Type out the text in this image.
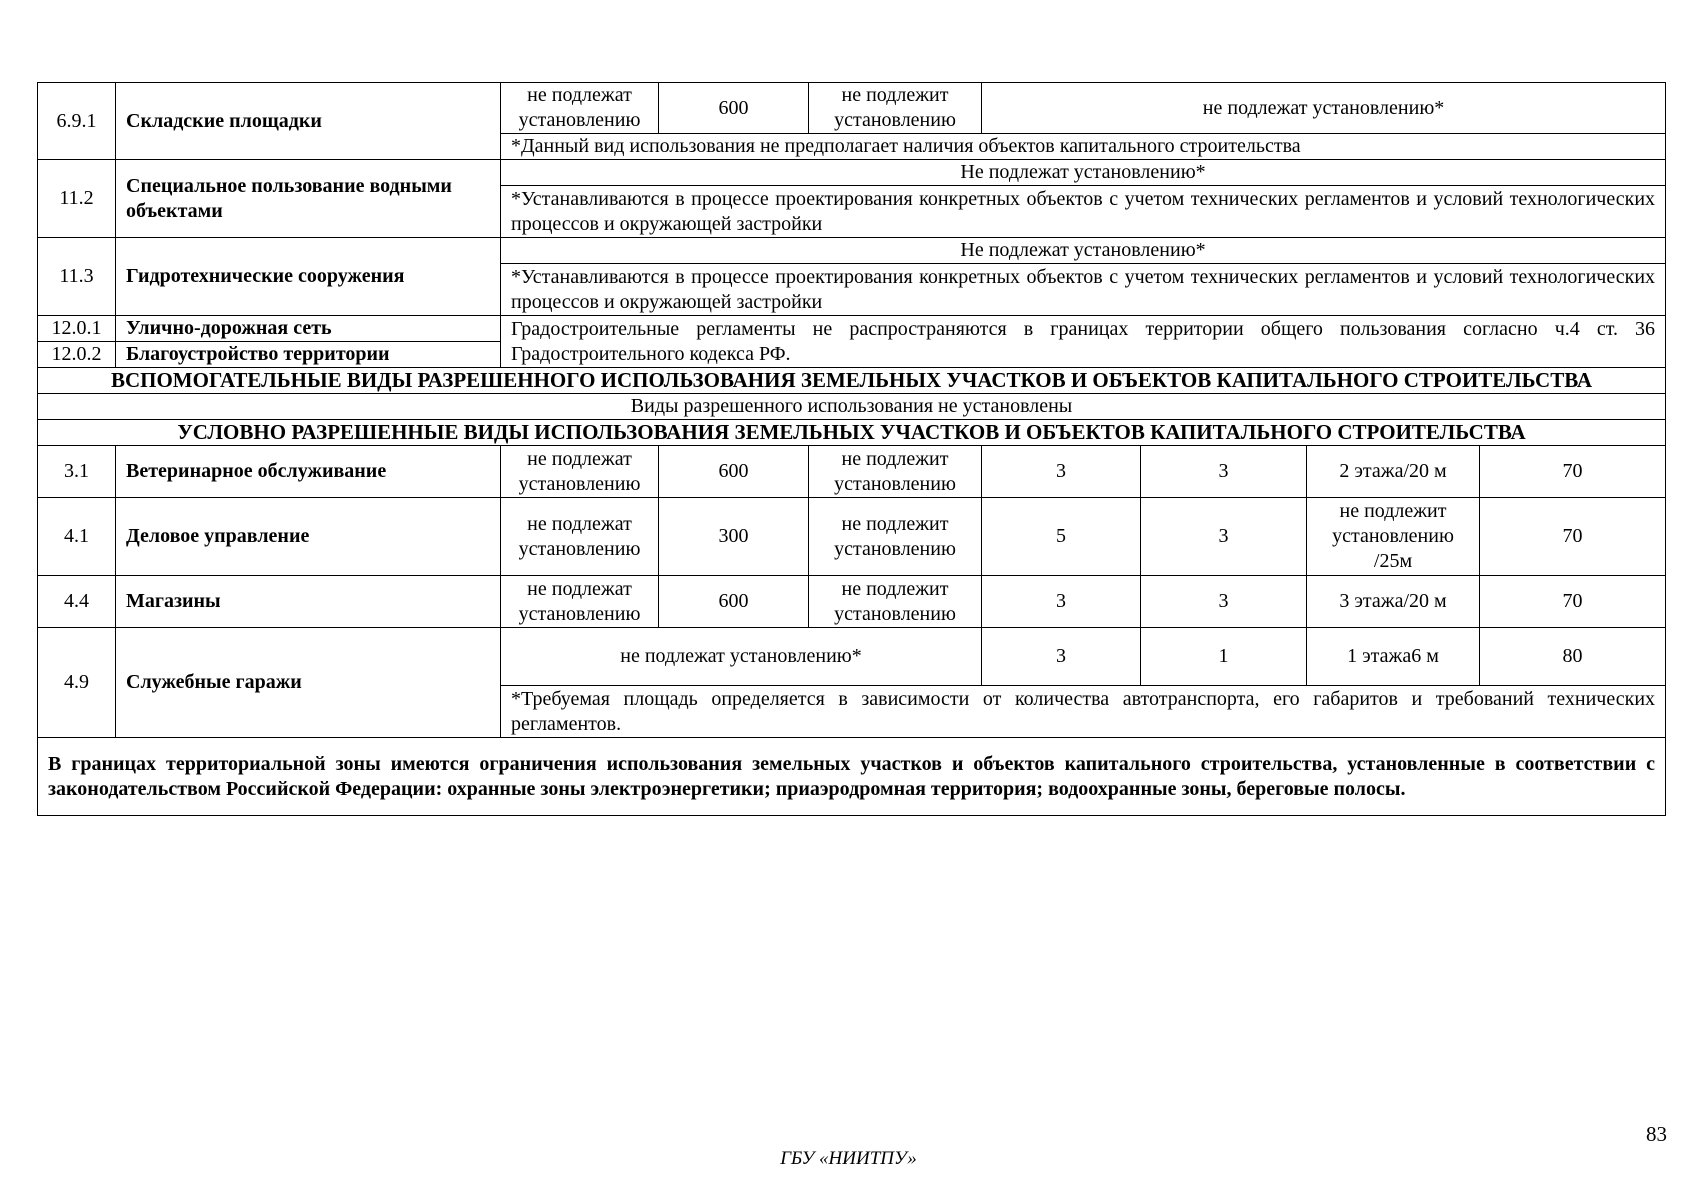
6.9.1	Складские площадки	не подлежат установлению	600	не подлежит установлению	не подлежат установлению*			
		*Данный вид использования не предполагает наличия объектов капитального строительства						
11.2	Специальное пользование водными объектами	Не подлежат установлению*						
		*Устанавливаются в процессе проектирования конкретных объектов с учетом технических регламентов и условий технологических процессов и окружающей застройки						
11.3	Гидротехнические сооружения	Не подлежат установлению*						
		*Устанавливаются в процессе проектирования конкретных объектов с учетом технических регламентов и условий технологических процессов и окружающей застройки						
12.0.1	Улично-дорожная сеть	Градостроительные регламенты не распространяются в границах территории общего пользования согласно ч.4 ст. 36 Градостроительного кодекса РФ.						
12.0.2	Благоустройство территории							
ВСПОМОГАТЕЛЬНЫЕ ВИДЫ РАЗРЕШЕННОГО ИСПОЛЬЗОВАНИЯ ЗЕМЕЛЬНЫХ УЧАСТКОВ И ОБЪЕКТОВ КАПИТАЛЬНОГО СТРОИТЕЛЬСТВА								
Виды разрешенного использования не установлены								
УСЛОВНО РАЗРЕШЕННЫЕ ВИДЫ ИСПОЛЬЗОВАНИЯ ЗЕМЕЛЬНЫХ УЧАСТКОВ И ОБЪЕКТОВ КАПИТАЛЬНОГО СТРОИТЕЛЬСТВА								
3.1	Ветеринарное обслуживание	не подлежат установлению	600	не подлежит установлению	3	3	2 этажа/20 м	70
4.1	Деловое управление	не подлежат установлению	300	не подлежит установлению	5	3	не подлежит установлению /25м	70
4.4	Магазины	не подлежат установлению	600	не подлежит установлению	3	3	3 этажа/20 м	70
4.9	Служебные гаражи	не подлежат установлению*			3	1	1 этажа6 м	80
		*Требуемая площадь определяется в зависимости от количества автотранспорта, его габаритов и требований технических регламентов.						
В границах территориальной зоны имеются ограничения использования земельных участков и объектов капитального строительства, установленные в соответствии с законодательством Российской Федерации: охранные зоны электроэнергетики; приаэродромная территория; водоохранные зоны, береговые полосы.								
83
ГБУ «НИИТПУ»
